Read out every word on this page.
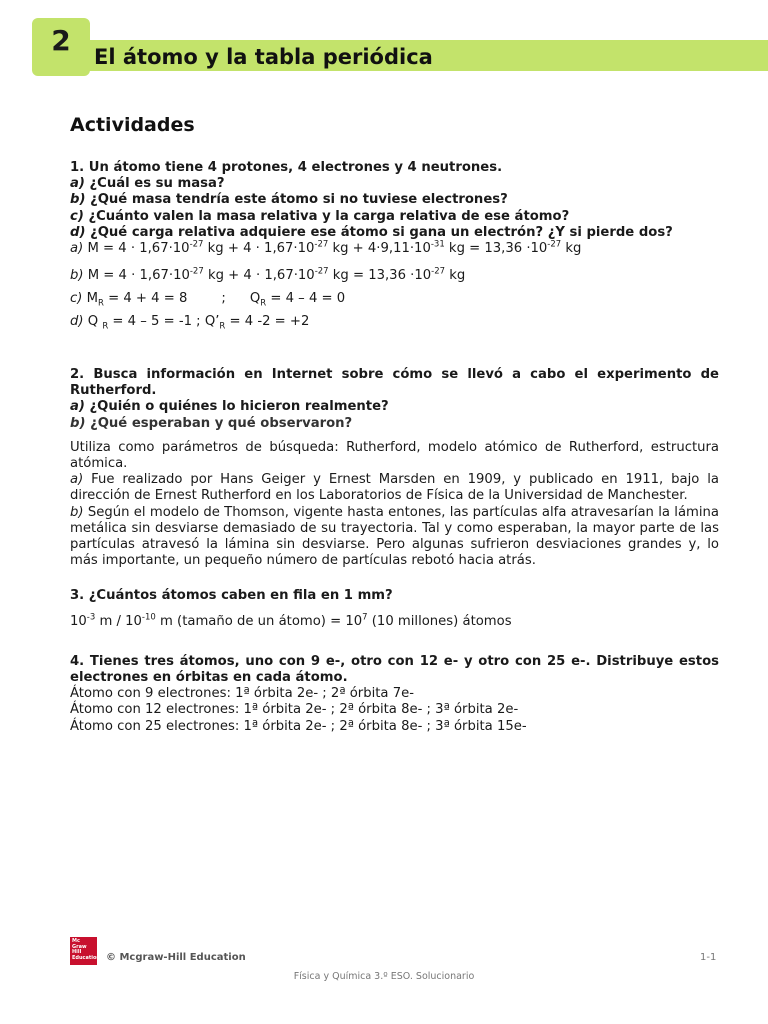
2	El átomo y la tabla periódica
Actividades
1. Un átomo tiene 4 protones, 4 electrones y 4 neutrones.
a) ¿Cuál es su masa?
b) ¿Qué masa tendría este átomo si no tuviese electrones?
c) ¿Cuánto valen la masa relativa y la carga relativa de ese átomo?
d) ¿Qué carga relativa adquiere ese átomo si gana un electrón? ¿Y si pierde dos?
a) $M = 4 \cdot 1,67\cdot 10^{-27}$ kg + $4 \cdot 1,67\cdot 10^{-27}$ kg + $4\cdot 9,11\cdot 10^{-31}$ kg = $13,36 \cdot 10^{-27}$ kg
b) $M = 4 \cdot 1,67\cdot 10^{-27}$ kg + $4 \cdot 1,67\cdot 10^{-27}$ kg = $13,36 \cdot 10^{-27}$ kg
c) $M_R = 4 + 4 = 8$	; $Q_R = 4 - 4 = 0$
d) Q $_R$ = 4 – 5 = -1 ; $Q’_R = 4$ -2 = +2
2. Busca información en Internet sobre cómo se llevó a cabo el experimento de Rutherford.
a) ¿Quién o quiénes lo hicieron realmente?
b) ¿Qué esperaban y qué observaron?
Utiliza como parámetros de búsqueda: Rutherford, modelo atómico de Rutherford, estructura atómica.
a) Fue realizado por Hans Geiger y Ernest Marsden en 1909, y publicado en 1911, bajo la dirección de Ernest Rutherford en los Laboratorios de Física de la Universidad de Manchester.
b) Según el modelo de Thomson, vigente hasta entones, las partículas alfa atravesarían la lámina metálica sin desviarse demasiado de su trayectoria. Tal y como esperaban, la mayor parte de las partículas atravesó la lámina sin desviarse. Pero algunas sufrieron desviaciones grandes y, lo más importante, un pequeño número de partículas rebotó hacia atrás.
3. ¿Cuántos átomos caben en fila en 1 mm?
$10^{-3}$ m / $10^{-10}$ m (tamaño de un átomo) = $10^7$ (10 millones) átomos
4. Tienes tres átomos, uno con 9 e-, otro con 12 e- y otro con 25 e-. Distribuye estos electrones en órbitas en cada átomo.
Átomo con 9 electrones: 1ª órbita 2e- ; 2ª órbita 7e-
Átomo con 12 electrones: 1ª órbita 2e- ; 2ª órbita 8e- ; 3ª órbita 2e-
Átomo con 25 electrones: 1ª órbita 2e- ; 2ª órbita 8e- ; 3ª órbita 15e-
Mc Graw Hill Education © Mcgraw-Hill Education	1-1
Física y Química 3.º ESO. Solucionario
